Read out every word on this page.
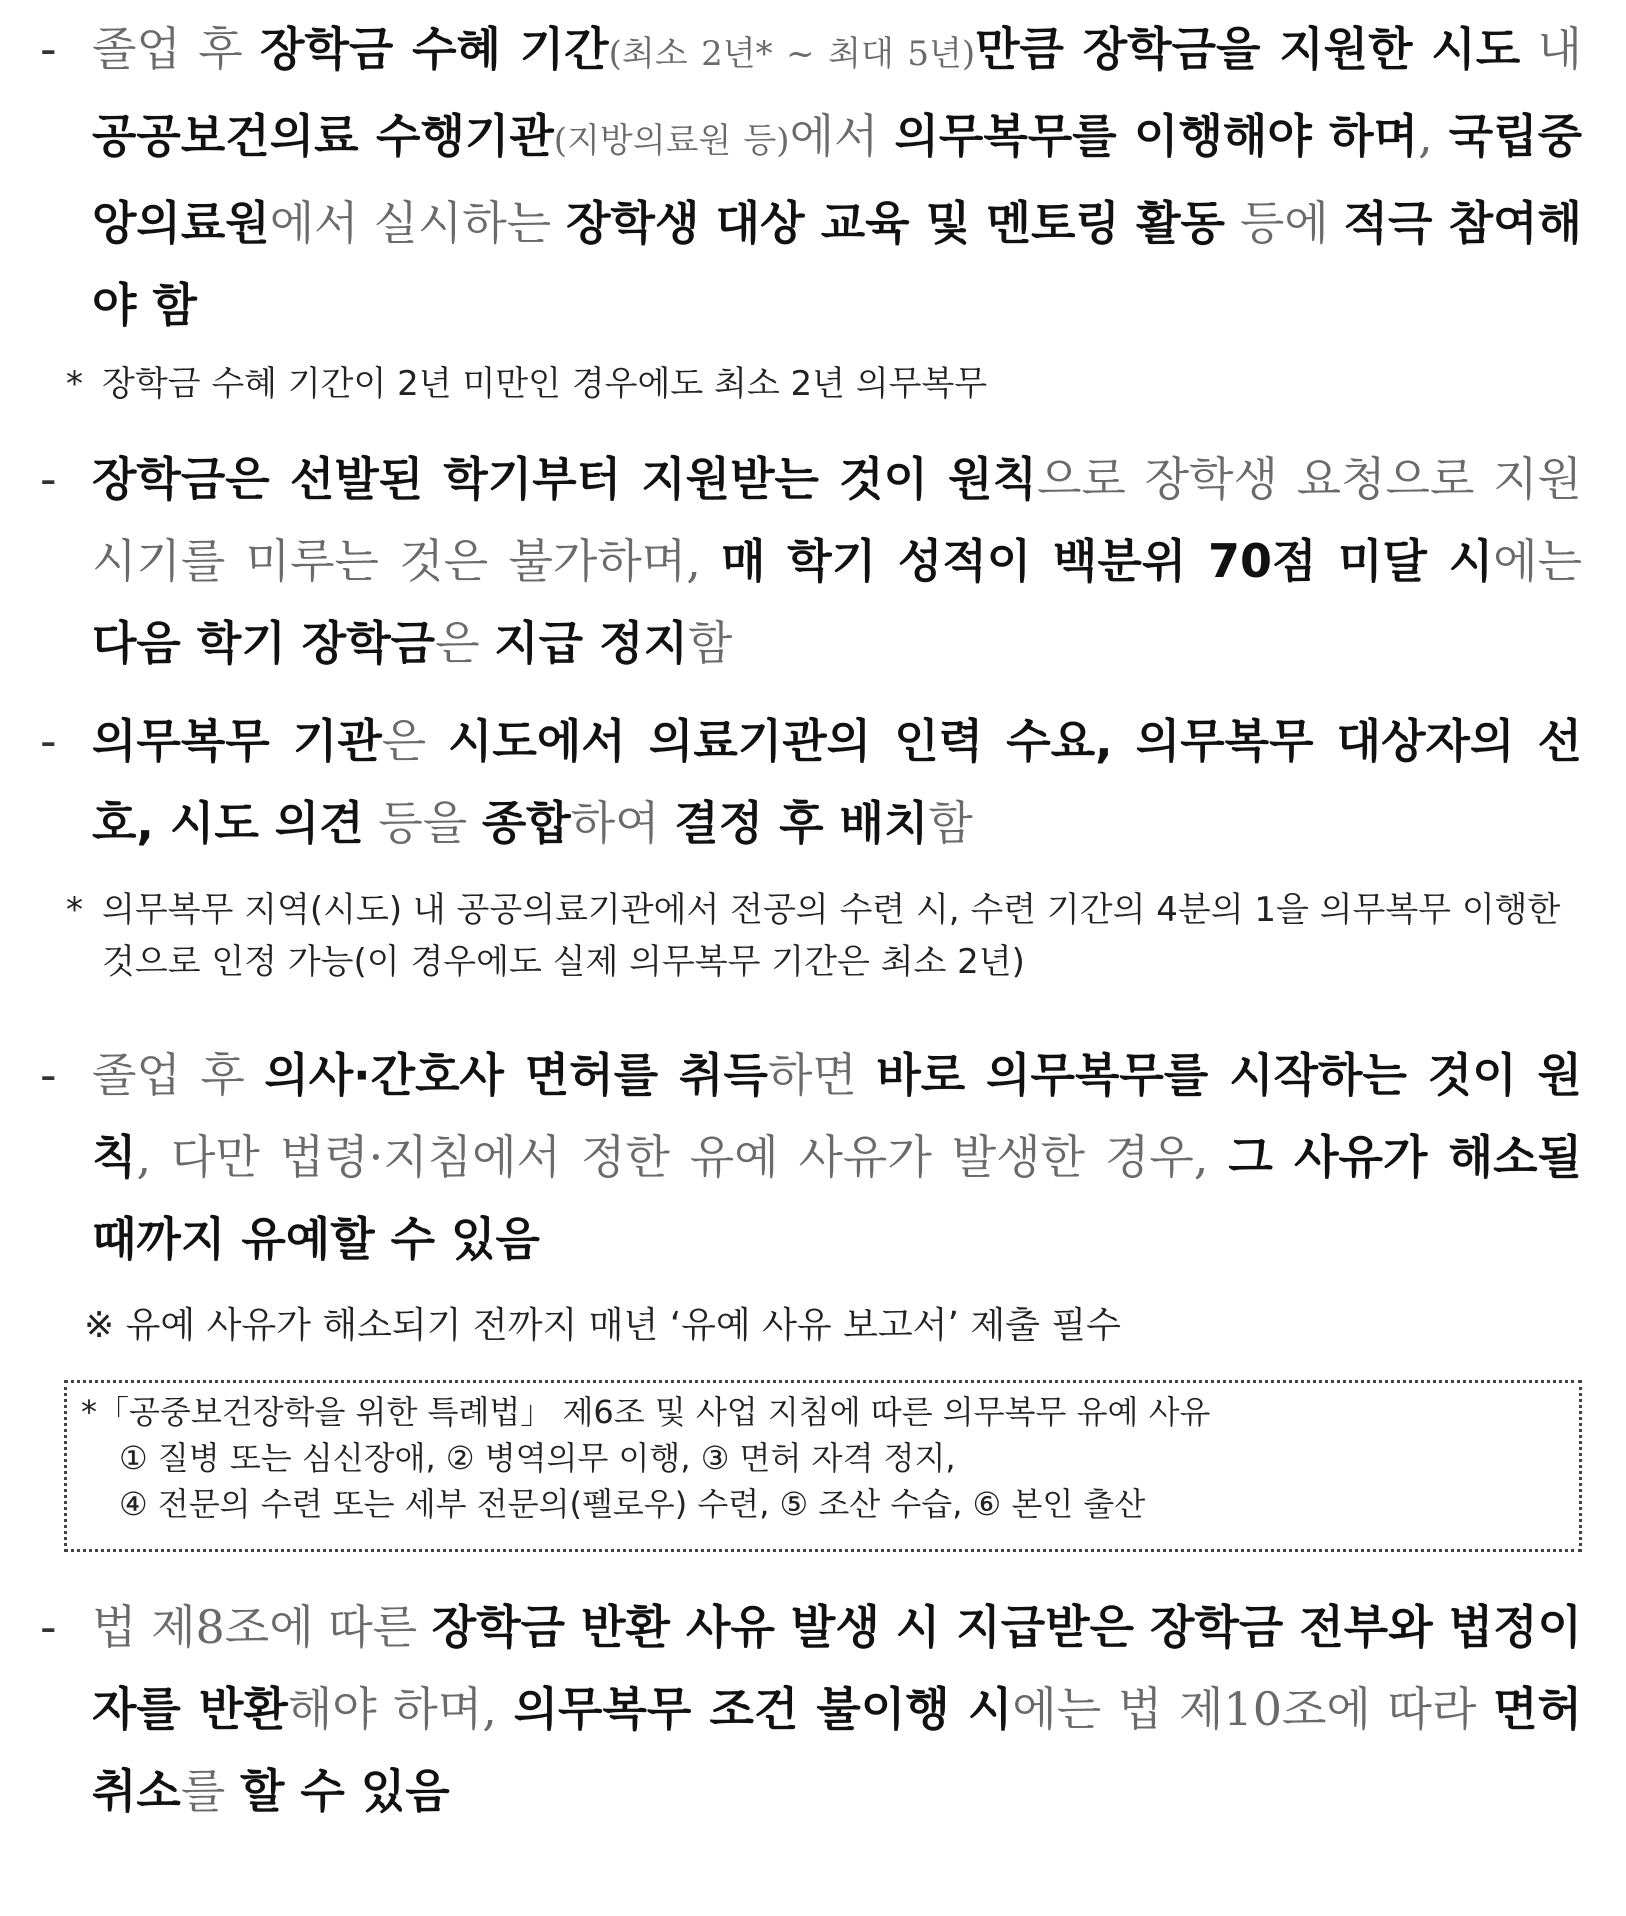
- 졸업 후 장학금 수혜 기간(최소 2년* ~ 최대 5년)만큼 장학금을 지원한 시도 내 공공보건의료 수행기관(지방의료원 등)에서 의무복무를 이행해야 하며, 국립중앙의료원에서 실시하는 장학생 대상 교육 및 멘토링 활동 등에 적극 참여해야 함
* 장학금 수혜 기간이 2년 미만인 경우에도 최소 2년 의무복무
- 장학금은 선발된 학기부터 지원받는 것이 원칙으로 장학생 요청으로 지원 시기를 미루는 것은 불가하며, 매 학기 성적이 백분위 70점 미달 시에는 다음 학기 장학금은 지급 정지함
- 의무복무 기관은 시도에서 의료기관의 인력 수요, 의무복무 대상자의 선호, 시도 의견 등을 종합하여 결정 후 배치함
* 의무복무 지역(시도) 내 공공의료기관에서 전공의 수련 시, 수련 기간의 4분의 1을 의무복무 이행한 것으로 인정 가능(이 경우에도 실제 의무복무 기간은 최소 2년)
- 졸업 후 의사·간호사 면허를 취득하면 바로 의무복무를 시작하는 것이 원칙, 다만 법령·지침에서 정한 유예 사유가 발생한 경우, 그 사유가 해소될 때까지 유예할 수 있음
※ 유예 사유가 해소되기 전까지 매년 ‘유예 사유 보고서’ 제출 필수
*「공중보건장학을 위한 특례법」 제6조 및 사업 지침에 따른 의무복무 유예 사유
① 질병 또는 심신장애, ② 병역의무 이행, ③ 면허 자격 정지,
④ 전문의 수련 또는 세부 전문의(펠로우) 수련, ⑤ 조산 수습, ⑥ 본인 출산
- 법 제8조에 따른 장학금 반환 사유 발생 시 지급받은 장학금 전부와 법정이자를 반환해야 하며, 의무복무 조건 불이행 시에는 법 제10조에 따라 면허취소를 할 수 있음
